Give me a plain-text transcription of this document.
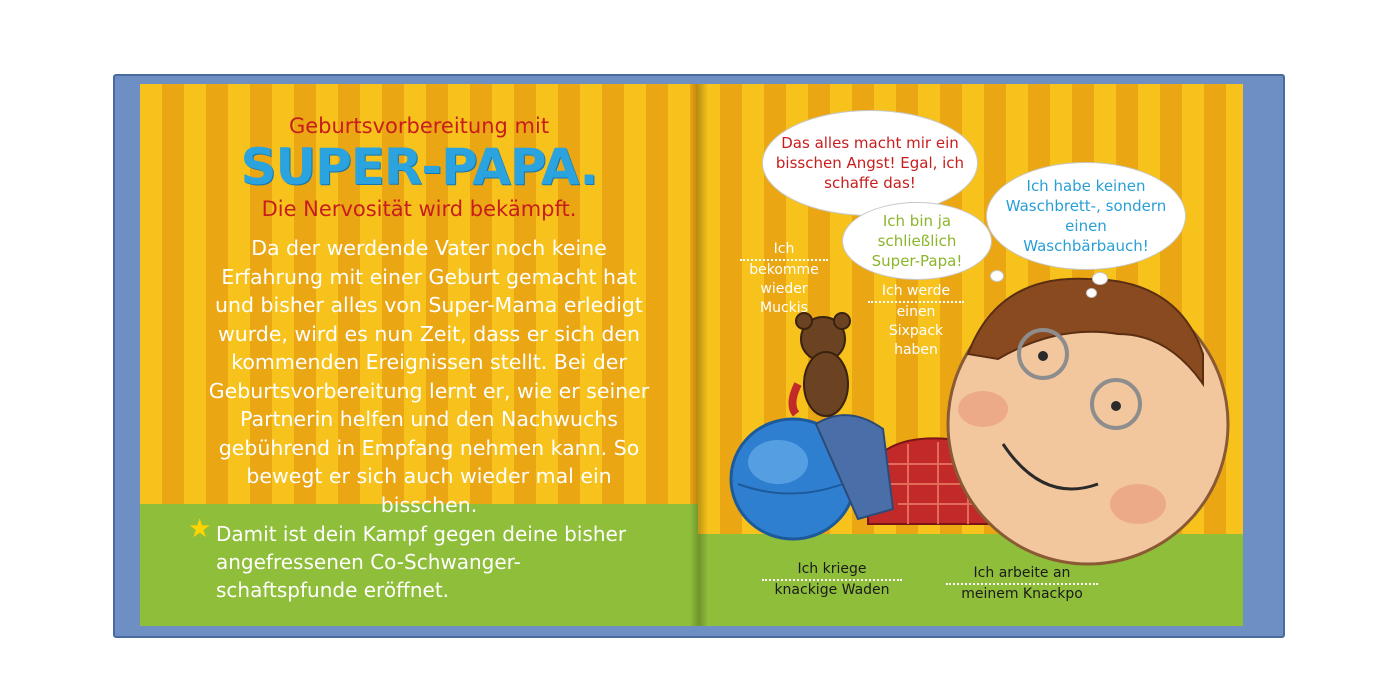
Geburtsvorbereitung mit
SUPER-PAPA.
Die Nervosität wird bekämpft.

Da der werdende Vater noch keine Erfahrung mit einer Geburt gemacht hat und bisher alles von Super-Mama erledigt wurde, wird es nun Zeit, dass er sich den kommenden Ereignissen stellt. Bei der Geburtsvorbereitung lernt er, wie er seiner Partnerin helfen und den Nachwuchs gebührend in Empfang nehmen kann. So bewegt er sich auch wieder mal ein bisschen.

★ Damit ist dein Kampf gegen deine bisher angefressenen Co-Schwanger-schaftspfunde eröffnet.

Das alles macht mir ein bisschen Angst! Egal, ich schaffe das!
Ich bin ja schließlich Super-Papa!
Ich habe keinen Waschbrett-, sondern einen Waschbärbauch!
Ich
bekomme wieder Muckis
Ich werde
einen Sixpack haben
Ich kriege
knackige Waden
Ich arbeite an
meinem Knackpo
